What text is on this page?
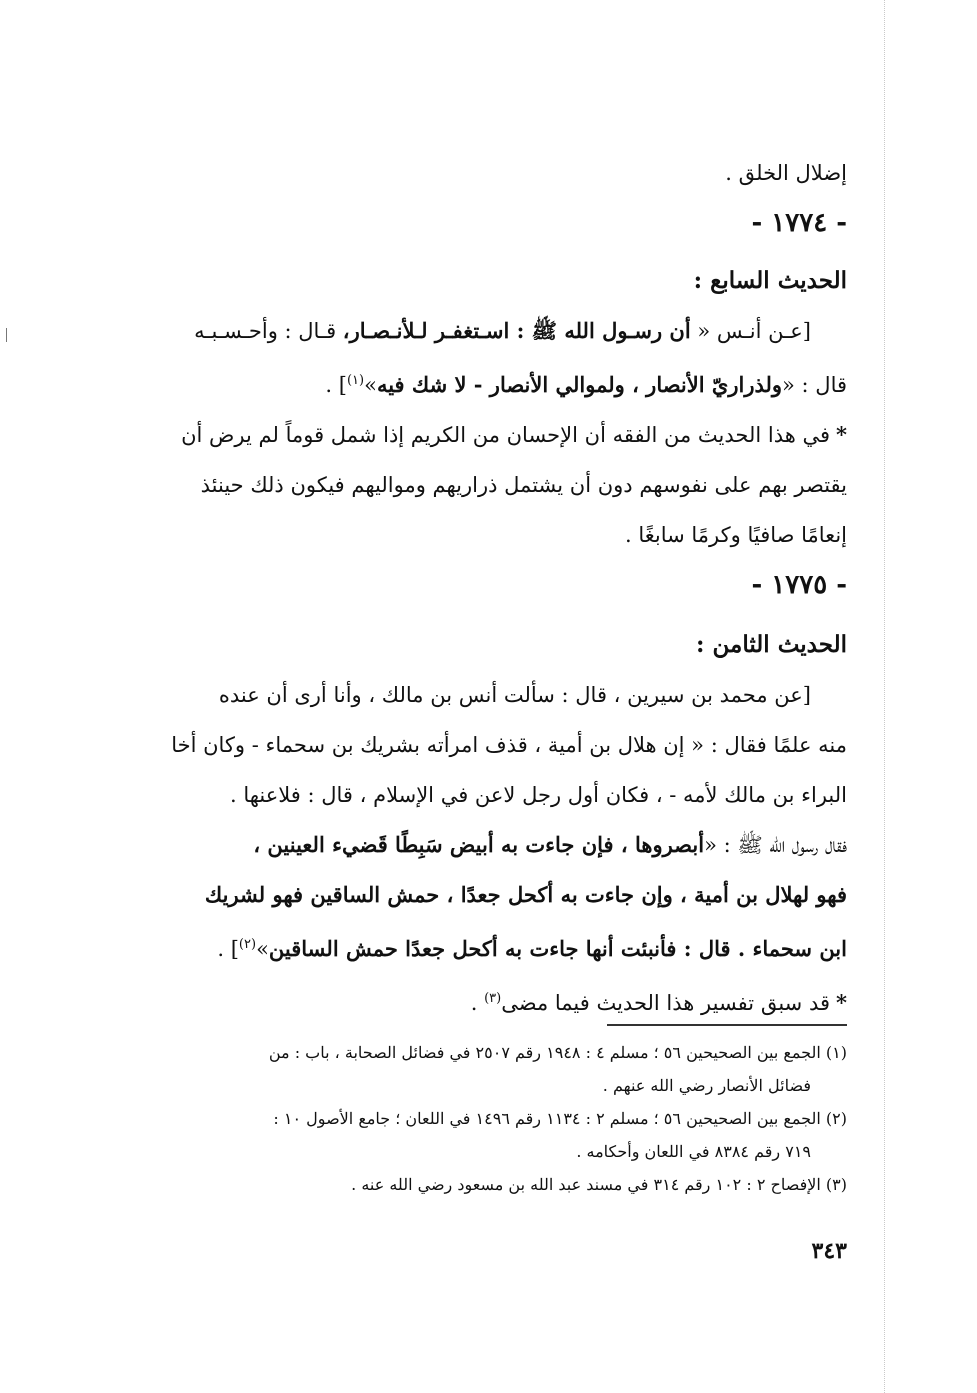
إضلال الخلق .

- ١٧٧٤ -

الحديث السابع :

[عـن أنـس « أن رسـول الله ﷺ : اسـتغفـر لـلأنـصـار، قـال : وأحـسـبـه

قال : «ولذراريّ الأنصار ، ولموالي الأنصار - لا شك فيه»$^{(١)}$] .

*في هذا الحديث من الفقه أن الإحسان من الكريم إذا شمل قوماً لم يرض أن

يقتصر بهم على نفوسهم دون أن يشتمل ذراريهم ومواليهم فيكون ذلك حينئذ

إنعامًا صافيًا وكرمًا سابغًا .

- ١٧٧٥ -

الحديث الثامن :

[عن محمد بن سيرين ، قال : سألت أنس بن مالك ، وأنا أرى أن عنده

منه علمًا فقال : « إن هلال بن أمية ، قذف امرأته بشريك بن سحماء - وكان أخا

البراء بن مالك لأمه - ، فكان أول رجل لاعن في الإسلام ، قال : فلاعنها .

فقال رسول الله ﷺ : «أبصروها ، فإن جاءت به أبيض سَبِطًا قَضيء العينين ،

فهو لهلال بن أمية ، وإن جاءت به أكحل جعدًا ، حمش الساقين فهو لشريك

ابن سحماء . قال : فأنبئت أنها جاءت به أكحل جعدًا حمش الساقين»$^{(٢)}$] .

*قد سبق تفسير هذا الحديث فيما مضى$^{(٣)}$ .

(١) الجمع بين الصحيحين ٥٦ ؛ مسلم ٤ : ١٩٤٨ رقم ٢٥٠٧ في فضائل الصحابة ، باب : من

فضائل الأنصار رضي الله عنهم .

(٢) الجمع بين الصحيحين ٥٦ ؛ مسلم ٢ : ١١٣٤ رقم ١٤٩٦ في اللعان ؛ جامع الأصول ١٠ :

٧١٩ رقم ٨٣٨٤ في اللعان وأحكامه .

(٣) الإفصاح ٢ : ١٠٢ رقم ٣١٤ في مسند عبد الله بن مسعود رضي الله عنه .

٣٤٣
